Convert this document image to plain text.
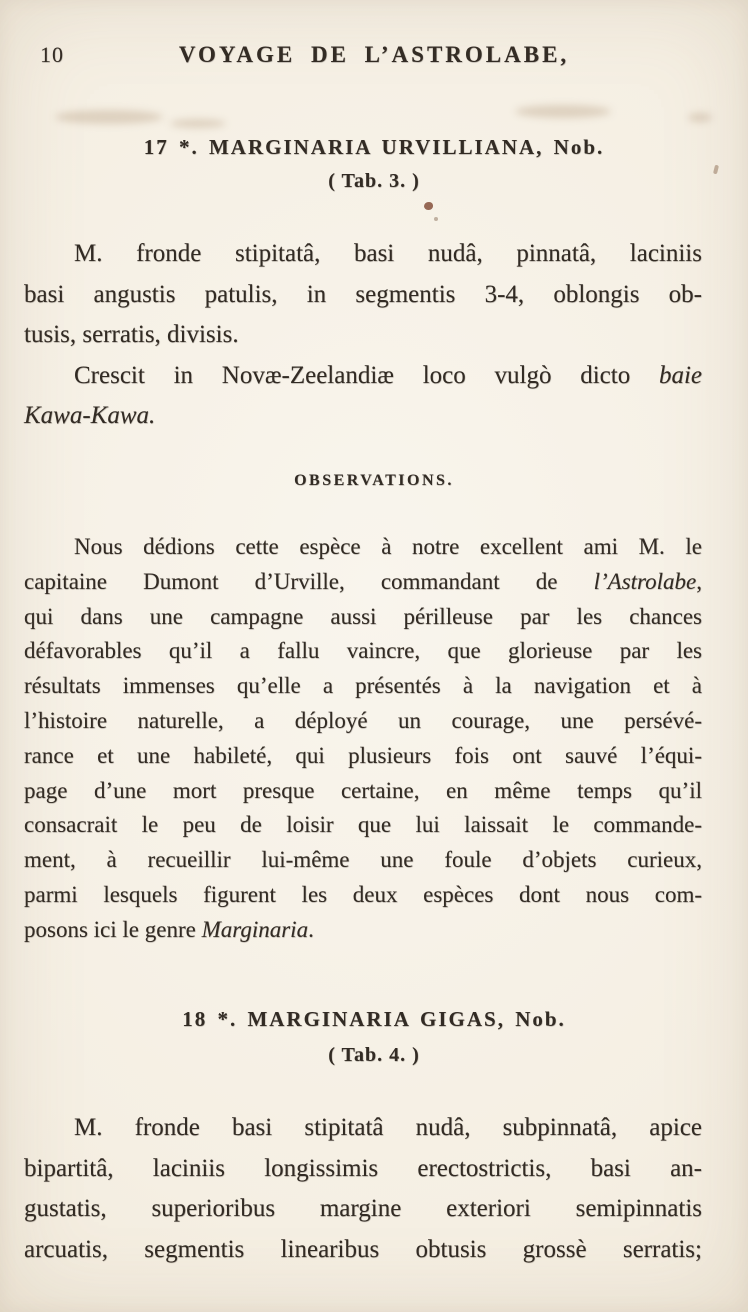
10	VOYAGE DE L’ASTROLABE,
17 *. MARGINARIA URVILLIANA, Nob.
( Tab. 3. )
M. fronde stipitatâ, basi nudâ, pinnatâ, laciniis
basi angustis patulis, in segmentis 3-4, oblongis ob-
tusis, serratis, divisis.
Crescit in Novæ-Zeelandiæ loco vulgò dicto baie
Kawa-Kawa.
OBSERVATIONS.
Nous dédions cette espèce à notre excellent ami M. le
capitaine Dumont d’Urville, commandant de l’Astrolabe,
qui dans une campagne aussi périlleuse par les chances
défavorables qu’il a fallu vaincre, que glorieuse par les
résultats immenses qu’elle a présentés à la navigation et à
l’histoire naturelle, a déployé un courage, une persévé-
rance et une habileté, qui plusieurs fois ont sauvé l’équi-
page d’une mort presque certaine, en même temps qu’il
consacrait le peu de loisir que lui laissait le commande-
ment, à recueillir lui-même une foule d’objets curieux,
parmi lesquels figurent les deux espèces dont nous com-
posons ici le genre Marginaria.
18 *. MARGINARIA GIGAS, Nob.
( Tab. 4. )
M. fronde basi stipitatâ nudâ, subpinnatâ, apice
bipartitâ, laciniis longissimis erectostrictis, basi an-
gustatis, superioribus margine exteriori semipinnatis
arcuatis, segmentis linearibus obtusis grossè serratis;
